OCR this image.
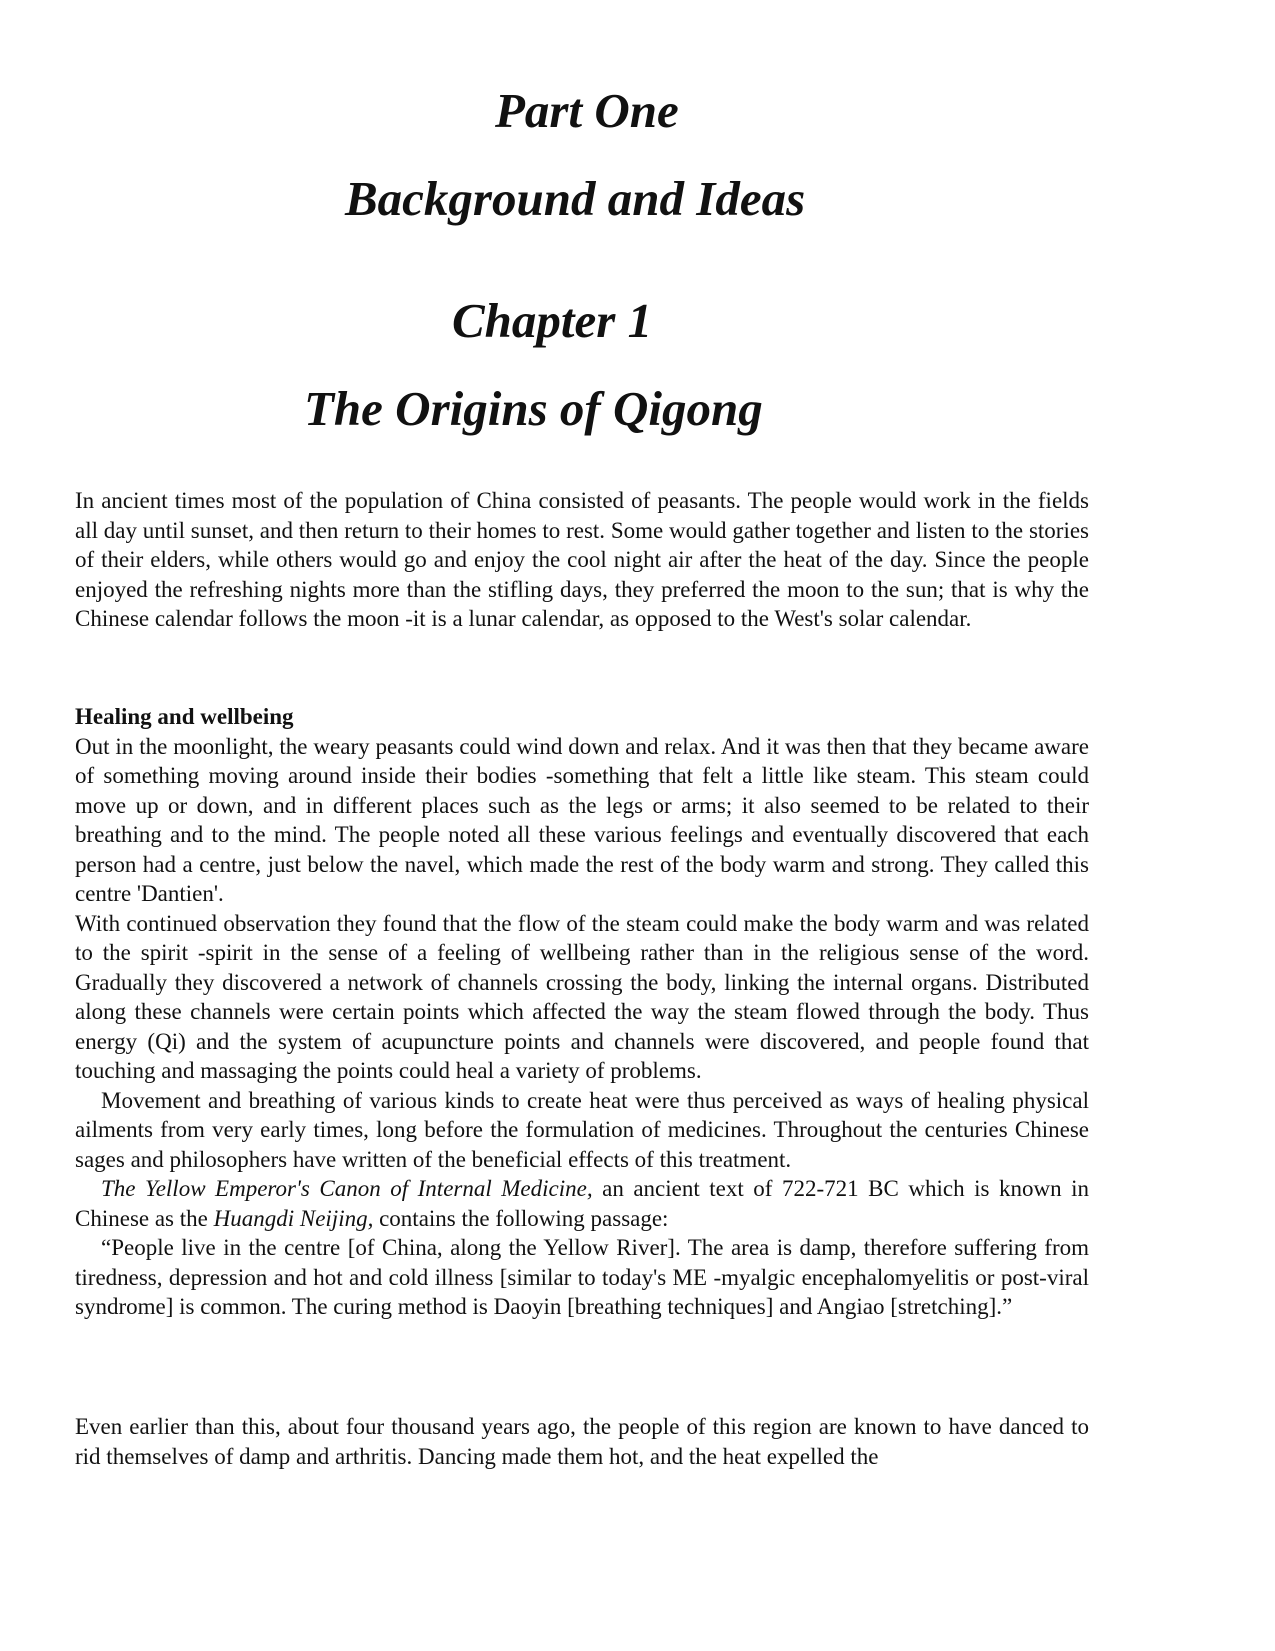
Part One
Background and Ideas
Chapter 1
The Origins of Qigong

In ancient times most of the population of China consisted of peasants. The people would work in the fields all day until sunset, and then return to their homes to rest. Some would gather together and listen to the stories of their elders, while others would go and enjoy the cool night air after the heat of the day. Since the people enjoyed the refreshing nights more than the stifling days, they preferred the moon to the sun; that is why the Chinese calendar follows the moon -it is a lunar calendar, as opposed to the West's solar calendar.

Healing and wellbeing

Out in the moonlight, the weary peasants could wind down and relax. And it was then that they became aware of something moving around inside their bodies -something that felt a little like steam. This steam could move up or down, and in different places such as the legs or arms; it also seemed to be related to their breathing and to the mind. The people noted all these various feelings and eventually discovered that each person had a centre, just below the navel, which made the rest of the body warm and strong. They called this centre 'Dantien'.

With continued observation they found that the flow of the steam could make the body warm and was related to the spirit -spirit in the sense of a feeling of wellbeing rather than in the religious sense of the word. Gradually they discovered a network of channels crossing the body, linking the internal organs. Distributed along these channels were certain points which affected the way the steam flowed through the body. Thus energy (Qi) and the system of acupuncture points and channels were discovered, and people found that touching and massaging the points could heal a variety of problems.

Movement and breathing of various kinds to create heat were thus perceived as ways of healing physical ailments from very early times, long before the formulation of medicines. Throughout the centuries Chinese sages and philosophers have written of the beneficial effects of this treatment.

The Yellow Emperor's Canon of Internal Medicine, an ancient text of 722-721 BC which is known in Chinese as the Huangdi Neijing, contains the following passage:

“People live in the centre [of China, along the Yellow River]. The area is damp, therefore suffering from tiredness, depression and hot and cold illness [similar to today's ME -myalgic encephalomyelitis or post-viral syndrome] is common. The curing method is Daoyin [breathing techniques] and Angiao [stretching].”

Even earlier than this, about four thousand years ago, the people of this region are known to have danced to rid themselves of damp and arthritis. Dancing made them hot, and the heat expelled the
